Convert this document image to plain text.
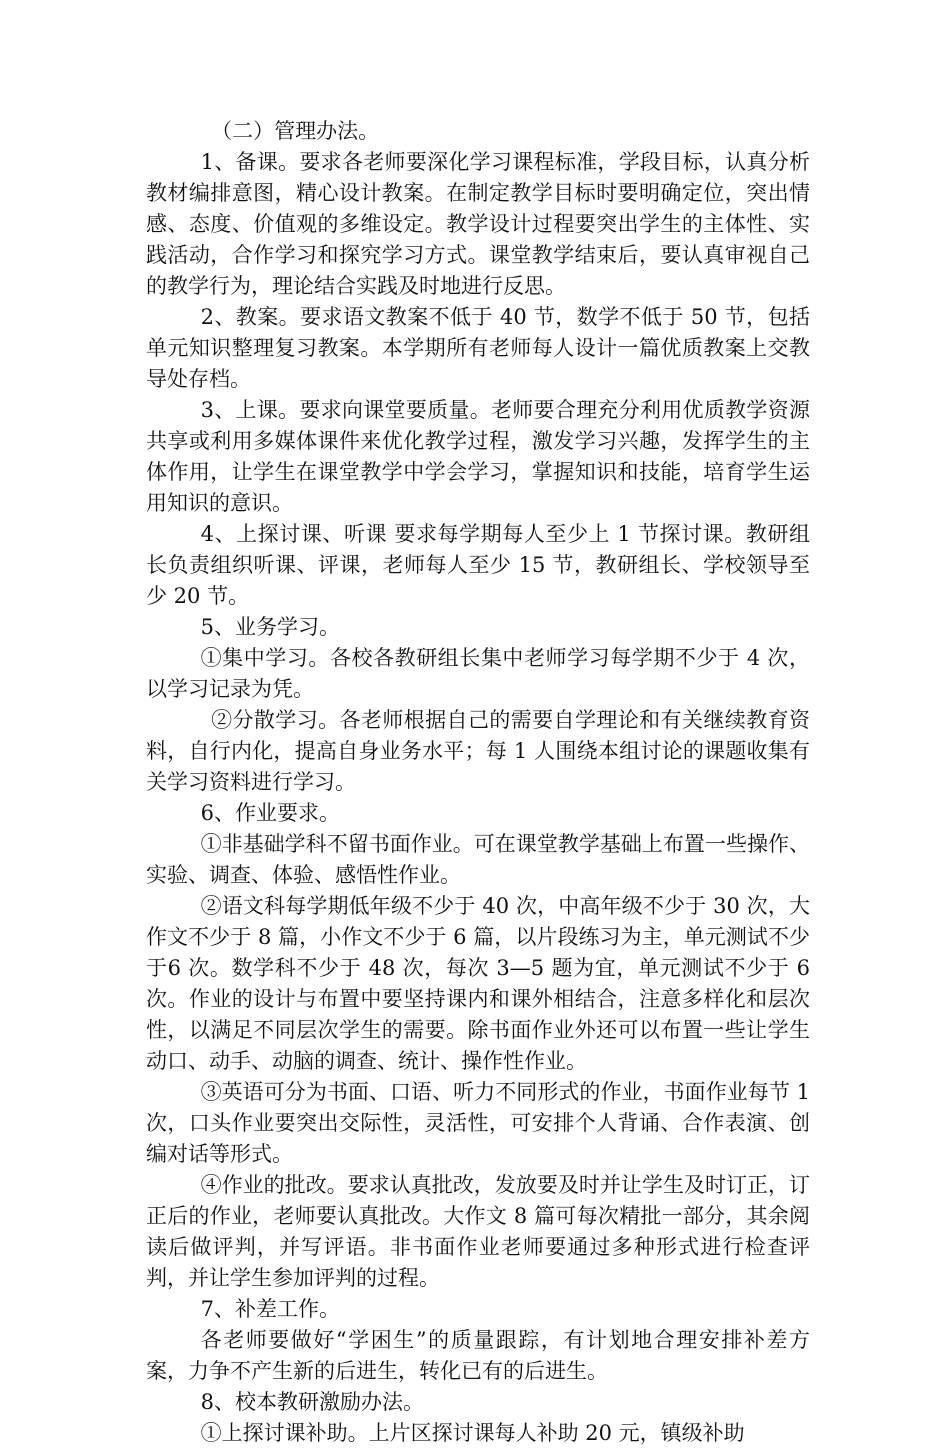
（二）管理办法。

1、备课。要求各老师要深化学习课程标准，学段目标，认真分析教材编排意图，精心设计教案。在制定教学目标时要明确定位，突出情感、态度、价值观的多维设定。教学设计过程要突出学生的主体性、实践活动，合作学习和探究学习方式。课堂教学结束后，要认真审视自己的教学行为，理论结合实践及时地进行反思。

2、教案。要求语文教案不低于 40 节，数学不低于 50 节，包括单元知识整理复习教案。本学期所有老师每人设计一篇优质教案上交教导处存档。

3、上课。要求向课堂要质量。老师要合理充分利用优质教学资源共享或利用多媒体课件来优化教学过程，激发学习兴趣，发挥学生的主体作用，让学生在课堂教学中学会学习，掌握知识和技能，培育学生运用知识的意识。

4、上探讨课、听课 要求每学期每人至少上 1 节探讨课。教研组长负责组织听课、评课，老师每人至少 15 节，教研组长、学校领导至少 20 节。

5、业务学习。

①集中学习。各校各教研组长集中老师学习每学期不少于 4 次，以学习记录为凭。

②分散学习。各老师根据自己的需要自学理论和有关继续教育资料，自行内化，提高自身业务水平；每 1 人围绕本组讨论的课题收集有关学习资料进行学习。

6、作业要求。

①非基础学科不留书面作业。可在课堂教学基础上布置一些操作、实验、调查、体验、感悟性作业。

②语文科每学期低年级不少于 40 次，中高年级不少于 30 次，大作文不少于 8 篇，小作文不少于 6 篇，以片段练习为主，单元测试不少于6 次。数学科不少于 48 次，每次 3—5 题为宜，单元测试不少于 6 次。作业的设计与布置中要坚持课内和课外相结合，注意多样化和层次性，以满足不同层次学生的需要。除书面作业外还可以布置一些让学生动口、动手、动脑的调查、统计、操作性作业。

③英语可分为书面、口语、听力不同形式的作业，书面作业每节 1次，口头作业要突出交际性，灵活性，可安排个人背诵、合作表演、创编对话等形式。

④作业的批改。要求认真批改，发放要及时并让学生及时订正，订正后的作业，老师要认真批改。大作文 8 篇可每次精批一部分，其余阅读后做评判，并写评语。非书面作业老师要通过多种形式进行检查评判，并让学生参加评判的过程。

7、补差工作。

各老师要做好“学困生”的质量跟踪，有计划地合理安排补差方案，力争不产生新的后进生，转化已有的后进生。

8、校本教研激励办法。

①上探讨课补助。上片区探讨课每人补助 20 元，镇级补助
